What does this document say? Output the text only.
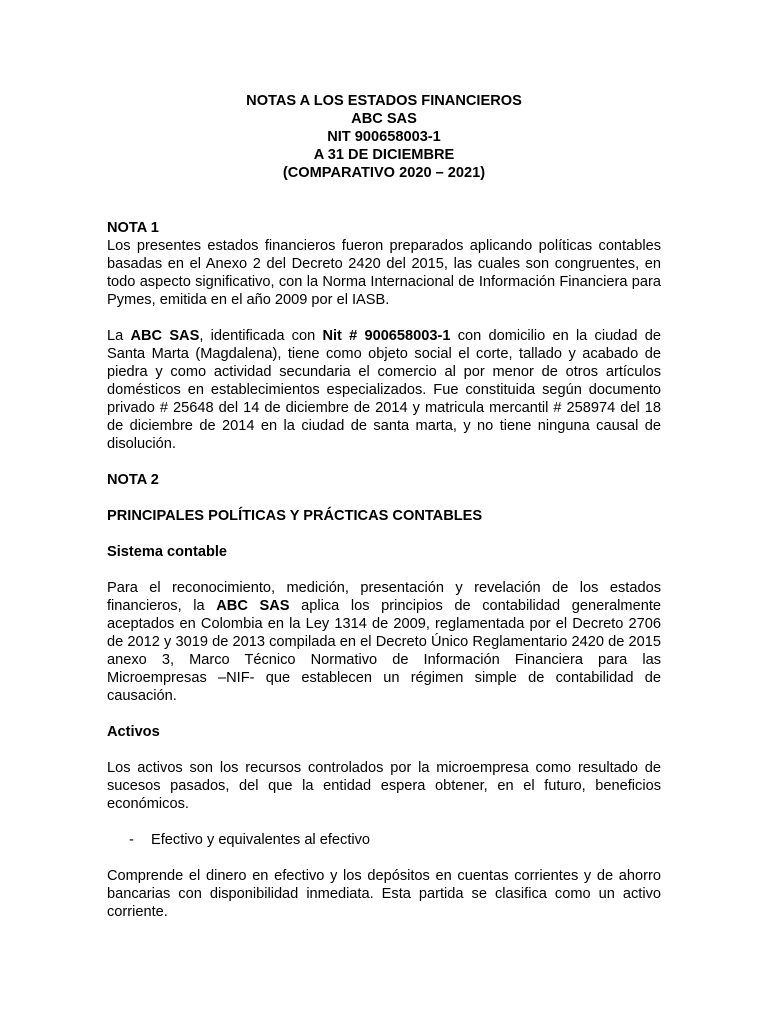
NOTAS A LOS ESTADOS FINANCIEROS
ABC SAS
NIT 900658003-1
A 31 DE DICIEMBRE
(COMPARATIVO 2020 – 2021)
NOTA 1

Los presentes estados financieros fueron preparados aplicando políticas contables basadas en el Anexo 2 del Decreto 2420 del 2015, las cuales son congruentes, en todo aspecto significativo, con la Norma Internacional de Información Financiera para Pymes, emitida en el año 2009 por el IASB.

La ABC SAS, identificada con Nit # 900658003-1 con domicilio en la ciudad de Santa Marta (Magdalena), tiene como objeto social el corte, tallado y acabado de piedra y como actividad secundaria el comercio al por menor de otros artículos domésticos en establecimientos especializados. Fue constituida según documento privado # 25648 del 14 de diciembre de 2014 y matricula mercantil # 258974 del 18 de diciembre de 2014 en la ciudad de santa marta, y no tiene ninguna causal de disolución.

NOTA 2
PRINCIPALES POLÍTICAS Y PRÁCTICAS CONTABLES
Sistema contable

Para el reconocimiento, medición, presentación y revelación de los estados financieros, la ABC SAS aplica los principios de contabilidad generalmente aceptados en Colombia en la Ley 1314 de 2009, reglamentada por el Decreto 2706 de 2012 y 3019 de 2013 compilada en el Decreto Único Reglamentario 2420 de 2015 anexo 3, Marco Técnico Normativo de Información Financiera para las Microempresas –NIF- que establecen un régimen simple de contabilidad de causación.

Activos

Los activos son los recursos controlados por la microempresa como resultado de sucesos pasados, del que la entidad espera obtener, en el futuro, beneficios económicos.

-	Efectivo y equivalentes al efectivo

Comprende el dinero en efectivo y los depósitos en cuentas corrientes y de ahorro bancarias con disponibilidad inmediata. Esta partida se clasifica como un activo corriente.
